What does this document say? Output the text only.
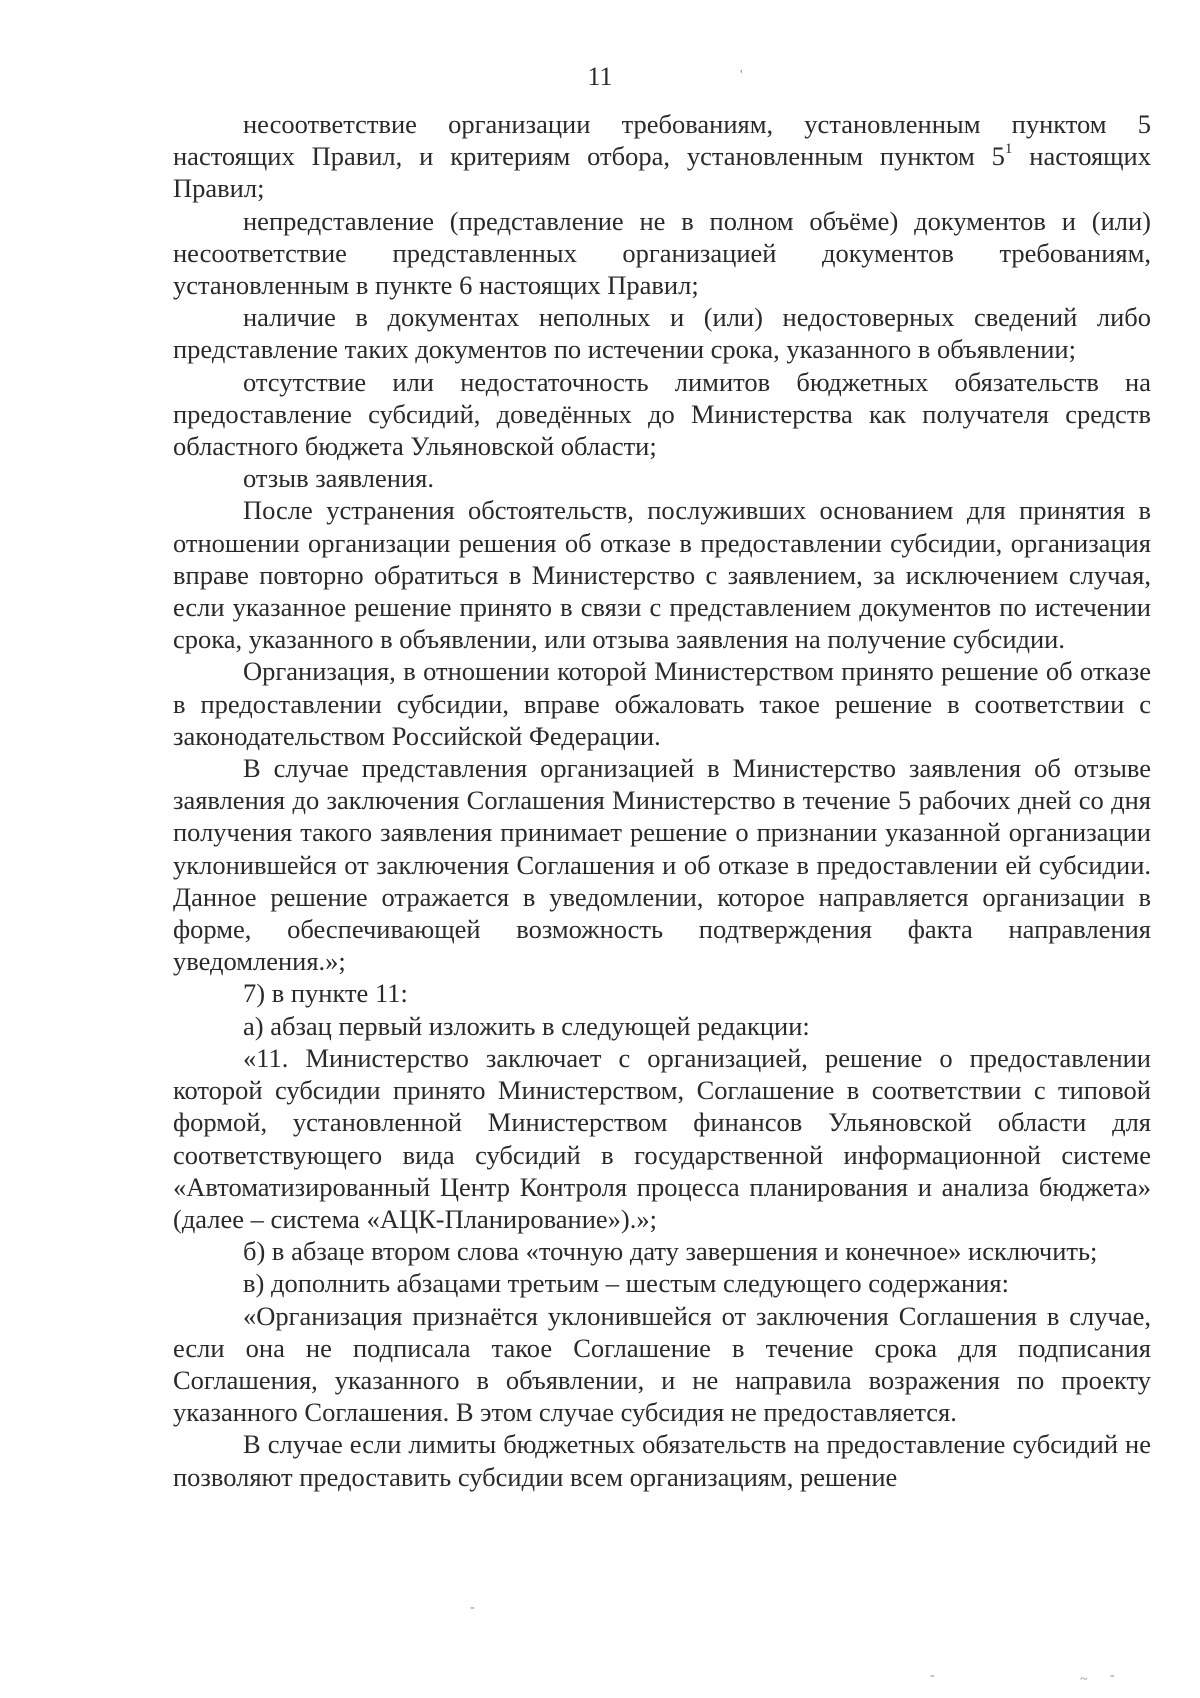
11

несоответствие организации требованиям, установленным пунктом 5 настоящих Правил, и критериям отбора, установленным пунктом $5^1$ настоящих Правил;

непредставление (представление не в полном объёме) документов и (или) несоответствие представленных организацией документов требованиям, установленным в пункте 6 настоящих Правил;

наличие в документах неполных и (или) недостоверных сведений либо представление таких документов по истечении срока, указанного в объявлении;

отсутствие или недостаточность лимитов бюджетных обязательств на предоставление субсидий, доведённых до Министерства как получателя средств областного бюджета Ульяновской области;

отзыв заявления.

После устранения обстоятельств, послуживших основанием для принятия в отношении организации решения об отказе в предоставлении субсидии, организация вправе повторно обратиться в Министерство с заявлением, за исключением случая, если указанное решение принято в связи с представлением документов по истечении срока, указанного в объявлении, или отзыва заявления на получение субсидии.

Организация, в отношении которой Министерством принято решение об отказе в предоставлении субсидии, вправе обжаловать такое решение в соответствии с законодательством Российской Федерации.

В случае представления организацией в Министерство заявления об отзыве заявления до заключения Соглашения Министерство в течение 5 рабочих дней со дня получения такого заявления принимает решение о признании указанной организации уклонившейся от заключения Соглашения и об отказе в предоставлении ей субсидии. Данное решение отражается в уведомлении, которое направляется организации в форме, обеспечивающей возможность подтверждения факта направления уведомления.»;

7) в пункте 11:

а) абзац первый изложить в следующей редакции:

«11. Министерство заключает с организацией, решение о предоставлении которой субсидии принято Министерством, Соглашение в соответствии с типовой формой, установленной Министерством финансов Ульяновской области для соответствующего вида субсидий в государственной информационной системе «Автоматизированный Центр Контроля процесса планирования и анализа бюджета» (далее – система «АЦК-Планирование»).»;

б) в абзаце втором слова «точную дату завершения и конечное» исключить;

в) дополнить абзацами третьим – шестым следующего содержания:

«Организация признаётся уклонившейся от заключения Соглашения в случае, если она не подписала такое Соглашение в течение срока для подписания Соглашения, указанного в объявлении, и не направила возражения по проекту указанного Соглашения. В этом случае субсидия не предоставляется.

В случае если лимиты бюджетных обязательств на предоставление субсидий не позволяют предоставить субсидии всем организациям, решение

'
-
-	~ -
